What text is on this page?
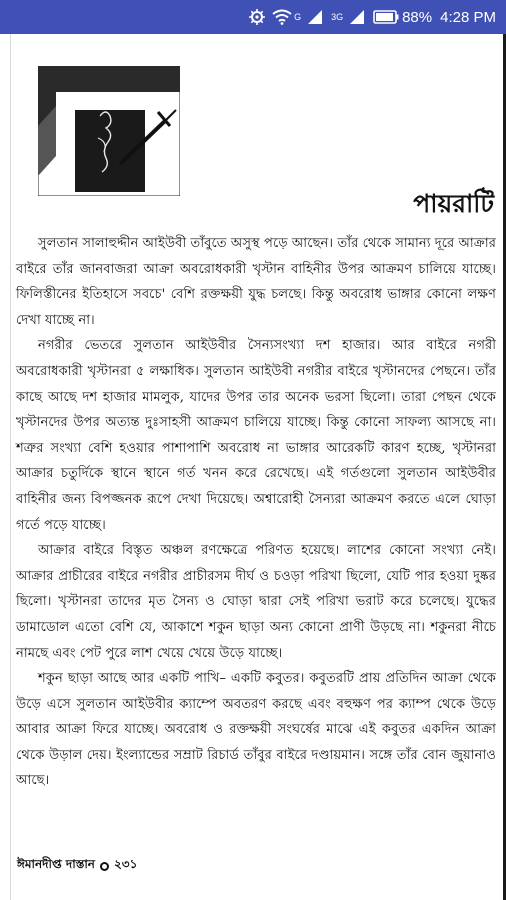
G	3G	88% 4:28 PM
পায়রাটি

সুলতান সালাহুদ্দীন আইউবী তাঁবুতে অসুস্থ পড়ে আছেন। তাঁর থেকে সামান্য দূরে আক্রার বাইরে তাঁর জানবাজরা আক্রা অবরোধকারী খৃস্টান বাহিনীর উপর আক্রমণ চালিয়ে যাচ্ছে। ফিলিস্তীনের ইতিহাসে সবচে' বেশি রক্তক্ষয়ী যুদ্ধ চলছে। কিন্তু অবরোধ ভাঙ্গার কোনো লক্ষণ দেখা যাচ্ছে না।

নগরীর ভেতরে সুলতান আইউবীর সৈন্যসংখ্যা দশ হাজার। আর বাইরে নগরী অবরোধকারী খৃস্টানরা ৫ লক্ষাধিক। সুলতান আইউবী নগরীর বাইরে খৃস্টানদের পেছনে। তাঁর কাছে আছে দশ হাজার মামলুক, যাদের উপর তার অনেক ভরসা ছিলো। তারা পেছন থেকে খৃস্টানদের উপর অত্যন্ত দুঃসাহসী আক্রমণ চালিয়ে যাচ্ছে। কিন্তু কোনো সাফল্য আসছে না। শত্রুর সংখ্যা বেশি হওয়ার পাশাপাশি অবরোধ না ভাঙ্গার আরেকটি কারণ হচ্ছে, খৃস্টানরা আক্রার চতুর্দিকে স্থানে স্থানে গর্ত খনন করে রেখেছে। এই গর্তগুলো সুলতান আইউবীর বাহিনীর জন্য বিপজ্জনক রূপে দেখা দিয়েছে। অশ্বারোহী সৈন্যরা আক্রমণ করতে এলে ঘোড়া গর্তে পড়ে যাচ্ছে।

আক্রার বাইরে বিস্তৃত অঞ্চল রণক্ষেত্রে পরিণত হয়েছে। লাশের কোনো সংখ্যা নেই। আক্রার প্রাচীরের বাইরে নগরীর প্রাচীরসম দীর্ঘ ও চওড়া পরিখা ছিলো, যেটি পার হওয়া দুষ্কর ছিলো। খৃস্টানরা তাদের মৃত সৈন্য ও ঘোড়া দ্বারা সেই পরিখা ভরাট করে চলেছে। যুদ্ধের ডামাডোল এতো বেশি যে, আকাশে শকুন ছাড়া অন্য কোনো প্রাণী উড়ছে না। শকুনরা নীচে নামছে এবং পেট পুরে লাশ খেয়ে খেয়ে উড়ে যাচ্ছে।

শকুন ছাড়া আছে আর একটি পাখি– একটি কবুতর। কবুতরটি প্রায় প্রতিদিন আক্রা থেকে উড়ে এসে সুলতান আইউবীর ক্যাম্পে অবতরণ করছে এবং বহুক্ষণ পর ক্যাম্প থেকে উড়ে আবার আক্রা ফিরে যাচ্ছে। অবরোধ ও রক্তক্ষয়ী সংঘর্ষের মাঝে এই কবুতর একদিন আক্রা থেকে উড়াল দেয়। ইংল্যান্ডের সম্রাট রিচার্ড তাঁবুর বাইরে দণ্ডায়মান। সঙ্গে তাঁর বোন জুয়ানাও আছে।

ঈমানদীপ্ত দাস্তান ২৩১
